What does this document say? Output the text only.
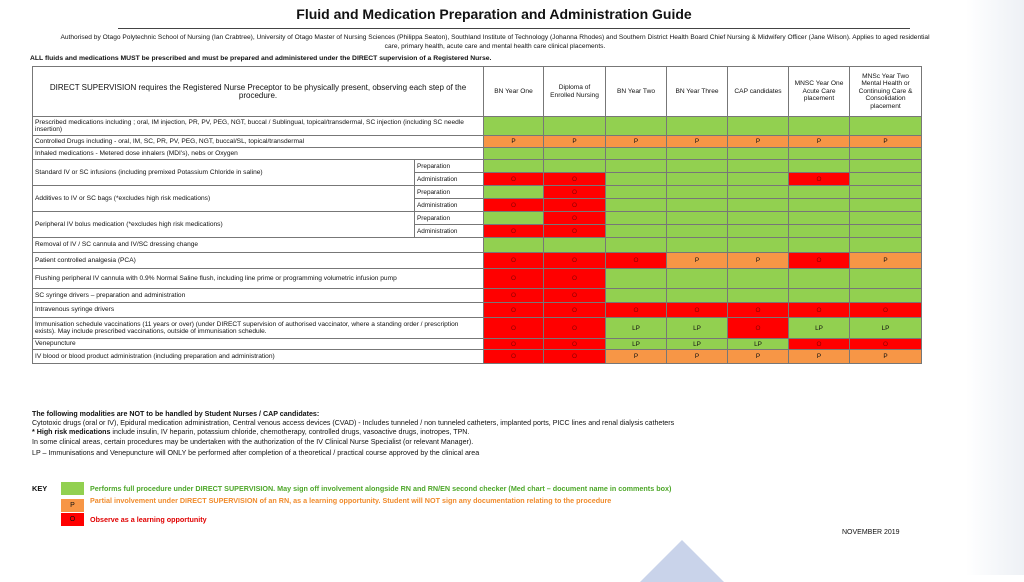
Fluid and Medication Preparation and Administration Guide
Authorised by Otago Polytechnic School of Nursing (Ian Crabtree), University of Otago Master of Nursing Sciences (Philippa Seaton), Southland Institute of Technology (Johanna Rhodes) and Southern District Health Board Chief Nursing & Midwifery Officer (Jane Wilson). Applies to aged residential care, primary health, acute care and mental health care clinical placements.
ALL fluids and medications MUST be prescribed and must be prepared and administered under the DIRECT supervision of a Registered Nurse.
DIRECT SUPERVISION requires the Registered Nurse Preceptor to be physically present, observing each step of the procedure.		BN Year One	Diploma of Enrolled Nursing	BN Year Two	BN Year Three	CAP candidates	MNSC Year One Acute Care placement	MNSc Year Two Mental Health or Continuing Care & Consolidation placement
Prescribed medications including ; oral, IM injection, PR, PV, PEG, NGT, buccal / Sublingual, topical/transdermal, SC injection (including SC needle insertion)								
Controlled Drugs including - oral, IM, SC, PR, PV, PEG, NGT, buccal/SL, topical/transdermal		P	P	P	P	P	P	P
Inhaled medications - Metered dose inhalers (MDI's), nebs or Oxygen								
Standard IV or SC infusions (including premixed Potassium Chloride in saline)	Preparation							
	Administration	O	O				O	
Additives to IV or SC bags (*excludes high risk medications)	Preparation		O					
	Administration	O	O					
Peripheral IV bolus medication (*excludes high risk medications)	Preparation		O					
	Administration	O	O					
Removal of IV / SC cannula and IV/SC dressing change								
Patient controlled analgesia (PCA)		O	O	O	P	P	O	P
Flushing peripheral IV cannula with 0.9% Normal Saline flush, including line prime or programming volumetric infusion pump		O	O					
SC syringe drivers – preparation and administration		O	O					
Intravenous syringe drivers		O	O	O	O	O	O	O
Immunisation schedule vaccinations (11 years or over) (under DIRECT supervision of authorised vaccinator, where a standing order / prescription exists). May include prescribed vaccinations, outside of immunisation schedule.		O	O	LP	LP	O	LP	LP
Venepuncture		O	O	LP	LP	LP	O	O
IV blood or blood product administration (including preparation and administration)		O	O	P	P	P	P	P

The following modalities are NOT to be handled by Student Nurses / CAP candidates:

Cytotoxic drugs (oral or IV), Epidural medication administration, Central venous access devices (CVAD) - Includes tunneled / non tunneled catheters, implanted ports, PICC lines and renal dialysis catheters

* High risk medications include insulin, IV heparin, potassium chloride, chemotherapy, controlled drugs, vasoactive drugs, inotropes, TPN.

In some clinical areas, certain procedures may be undertaken with the authorization of the IV Clinical Nurse Specialist (or relevant Manager).

LP – Immunisations and Venepuncture will ONLY be performed after completion of a theoretical / practical course approved by the clinical area

KEY	Performs full procedure under DIRECT SUPERVISION. May sign off involvement alongside RN and RN/EN second checker (Med chart – document name in comments box)
P
Partial involvement under DIRECT SUPERVISION of an RN, as a learning opportunity. Student will NOT sign any documentation relating to the procedure
O	Observe as a learning opportunity
NOVEMBER 2019
